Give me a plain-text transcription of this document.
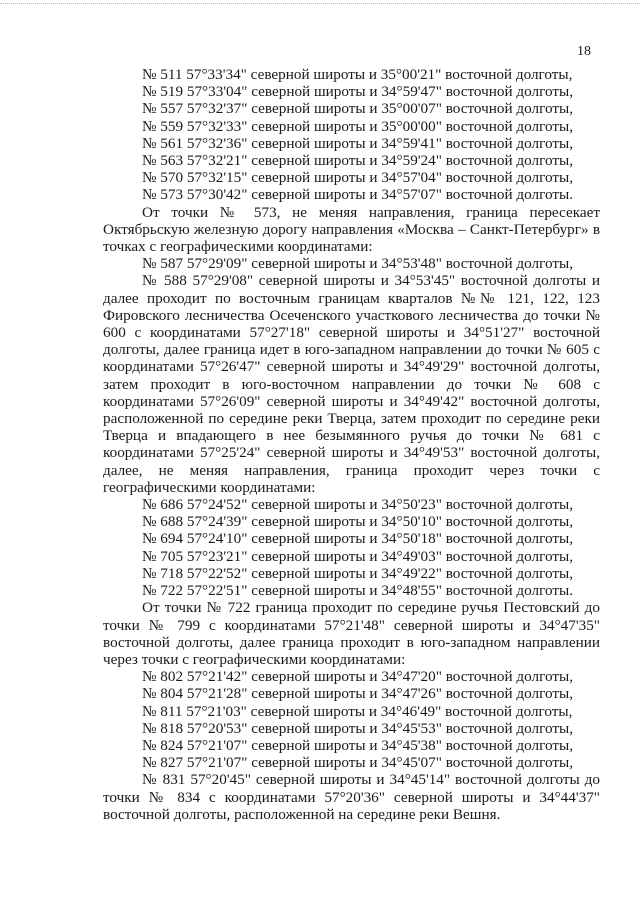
18

№ 511 57°33'34" северной широты и 35°00'21" восточной долготы,

№ 519 57°33'04" северной широты и 34°59'47" восточной долготы,

№ 557 57°32'37" северной широты и 35°00'07" восточной долготы,

№ 559 57°32'33" северной широты и 35°00'00" восточной долготы,

№ 561 57°32'36" северной широты и 34°59'41" восточной долготы,

№ 563 57°32'21" северной широты и 34°59'24" восточной долготы,

№ 570 57°32'15" северной широты и 34°57'04" восточной долготы,

№ 573 57°30'42" северной широты и 34°57'07" восточной долготы.

От точки № 573, не меняя направления, граница пересекает Октябрьскую железную дорогу направления «Москва – Санкт-Петербург» в точках с географическими координатами:

№ 587 57°29'09" северной широты и 34°53'48" восточной долготы,

№ 588 57°29'08" северной широты и 34°53'45" восточной долготы и далее проходит по восточным границам кварталов №№ 121, 122, 123 Фировского лесничества Осеченского участкового лесничества до точки № 600 с координатами 57°27'18" северной широты и 34°51'27" восточной долготы, далее граница идет в юго-западном направлении до точки № 605 с координатами 57°26'47" северной широты и 34°49'29" восточной долготы, затем проходит в юго-восточном направлении до точки № 608 с координатами 57°26'09" северной широты и 34°49'42" восточной долготы, расположенной по середине реки Тверца, затем проходит по середине реки Тверца и впадающего в нее безымянного ручья до точки № 681 с координатами 57°25'24" северной широты и 34°49'53" восточной долготы, далее, не меняя направления, граница проходит через точки с географическими координатами:

№ 686 57°24'52" северной широты и 34°50'23" восточной долготы,

№ 688 57°24'39" северной широты и 34°50'10" восточной долготы,

№ 694 57°24'10" северной широты и 34°50'18" восточной долготы,

№ 705 57°23'21" северной широты и 34°49'03" восточной долготы,

№ 718 57°22'52" северной широты и 34°49'22" восточной долготы,

№ 722 57°22'51" северной широты и 34°48'55" восточной долготы.

От точки № 722 граница проходит по середине ручья Пестовский до точки № 799 с координатами 57°21'48" северной широты и 34°47'35" восточной долготы, далее граница проходит в юго-западном направлении через точки с географическими координатами:

№ 802 57°21'42" северной широты и 34°47'20" восточной долготы,

№ 804 57°21'28" северной широты и 34°47'26" восточной долготы,

№ 811 57°21'03" северной широты и 34°46'49" восточной долготы,

№ 818 57°20'53" северной широты и 34°45'53" восточной долготы,

№ 824 57°21'07" северной широты и 34°45'38" восточной долготы,

№ 827 57°21'07" северной широты и 34°45'07" восточной долготы,

№ 831 57°20'45" северной широты и 34°45'14" восточной долготы до точки № 834 с координатами 57°20'36" северной широты и 34°44'37" восточной долготы, расположенной на середине реки Вешня.
